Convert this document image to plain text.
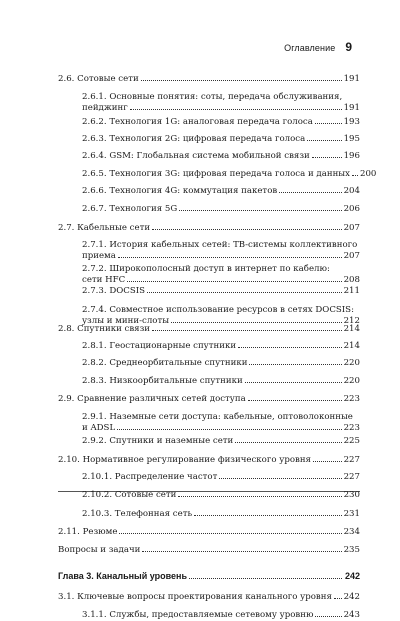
Оглавление 9
2.6. Сотовые сети	191
2.6.1. Основные понятия: соты, передача обслуживания,
пейджинг	191
2.6.2. Технология 1G: аналоговая передача голоса	193
2.6.3. Технология 2G: цифровая передача голоса	195
2.6.4. GSM: Глобальная система мобильной связи	196
2.6.5. Технология 3G: цифровая передача голоса и данных 200
2.6.6. Технология 4G: коммутация пакетов	204
2.6.7. Технология 5G	206
2.7. Кабельные сети	207
2.7.1. История кабельных сетей: ТВ-системы коллективного
приема	207
2.7.2. Широкополосный доступ в интернет по кабелю:
сети HFC	208
2.7.3. DOCSIS	211
2.7.4. Совместное использование ресурсов в сетях DOCSIS:
узлы и мини-слоты	212
2.8. Спутники связи	214
2.8.1. Геостационарные спутники	214
2.8.2. Среднеорбитальные спутники	220
2.8.3. Низкоорбитальные спутники	220
2.9. Сравнение различных сетей доступа	223
2.9.1. Наземные сети доступа: кабельные, оптоволоконные
и ADSL	223
2.9.2. Спутники и наземные сети	225
2.10. Нормативное регулирование физического уровня	227
2.10.1. Распределение частот	227
2.10.2. Сотовые сети	230
2.10.3. Телефонная сеть	231
2.11. Резюме	234
Вопросы и задачи	235
Глава 3. Канальный уровень	242
3.1. Ключевые вопросы проектирования канального уровня 242
3.1.1. Службы, предоставляемые сетевому уровню	243
